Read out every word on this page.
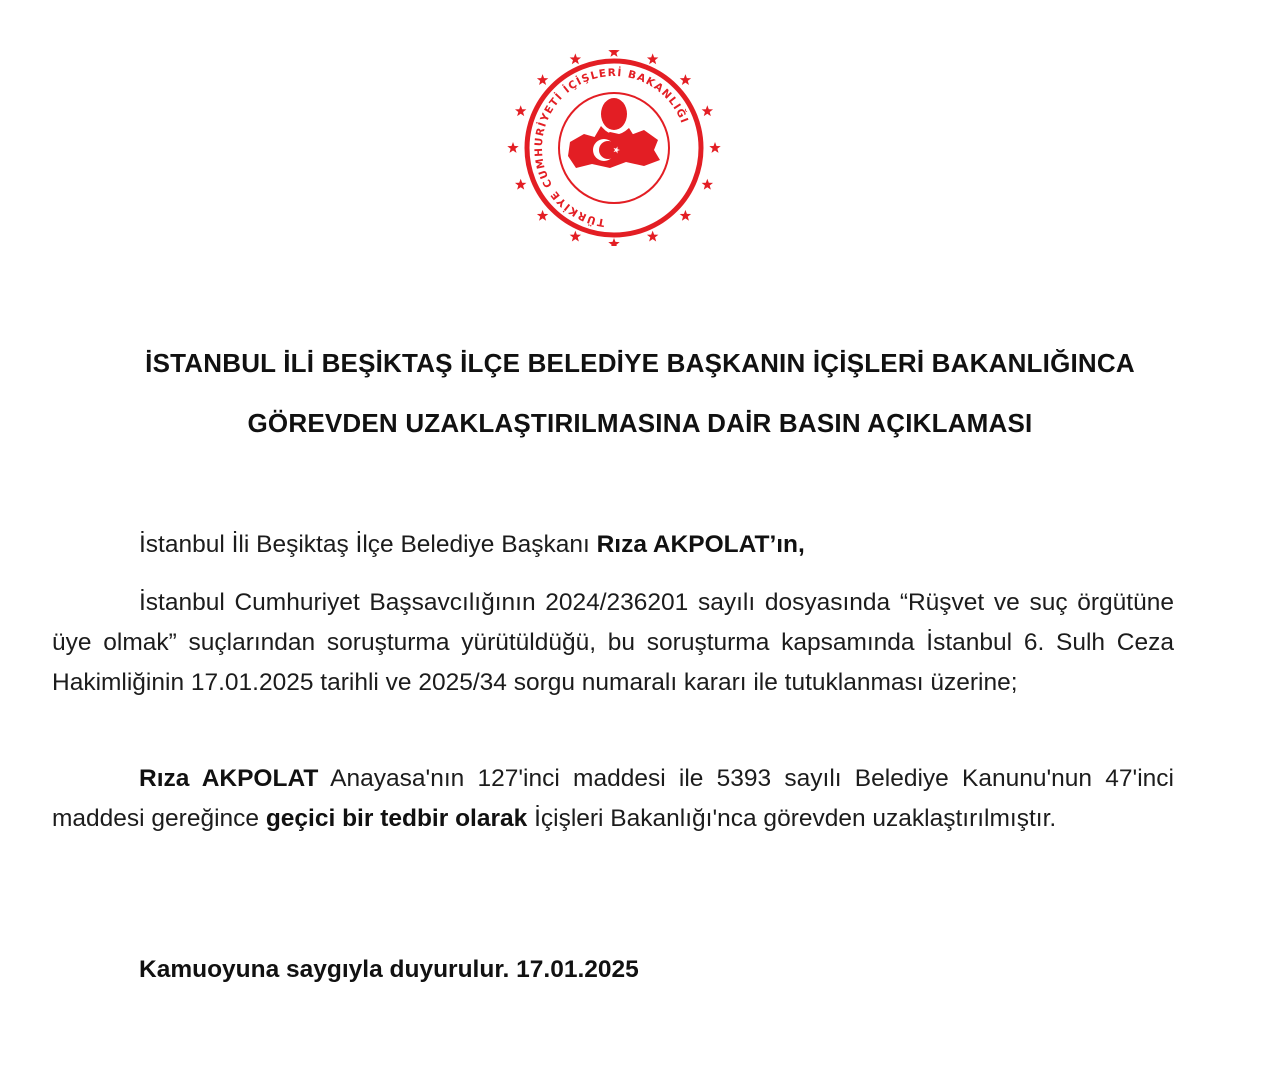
TÜRKİYE CUMHURİYETİ İÇİŞLERİ BAKANLIĞI
İSTANBUL İLİ BEŞİKTAŞ İLÇE BELEDİYE BAŞKANIN İÇİŞLERİ BAKANLIĞINCA
GÖREVDEN UZAKLAŞTIRILMASINA DAİR BASIN AÇIKLAMASI
İstanbul İli Beşiktaş İlçe Belediye Başkanı Rıza AKPOLAT’ın,
İstanbul Cumhuriyet Başsavcılığının 2024/236201 sayılı dosyasında “Rüşvet ve suç örgütüne üye olmak” suçlarından soruşturma yürütüldüğü, bu soruşturma kapsamında İstanbul 6. Sulh Ceza Hakimliğinin 17.01.2025 tarihli ve 2025/34 sorgu numaralı kararı ile tutuklanması üzerine;
Rıza AKPOLAT Anayasa'nın 127'inci maddesi ile 5393 sayılı Belediye Kanunu'nun 47'inci maddesi gereğince geçici bir tedbir olarak İçişleri Bakanlığı'nca görevden uzaklaştırılmıştır.
Kamuoyuna saygıyla duyurulur. 17.01.2025
